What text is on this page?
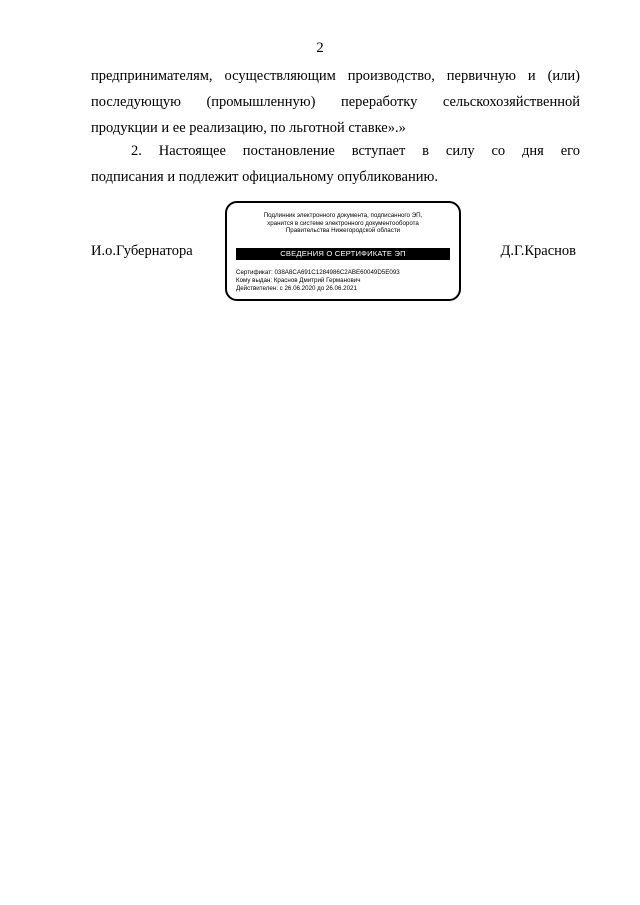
2
предпринимателям, осуществляющим производство, первичную и (или)
последующую (промышленную) переработку сельскохозяйственной
продукции и ее реализацию, по льготной ставке».»
2. Настоящее постановление вступает в силу со дня его
подписания и подлежит официальному опубликованию.
И.о.Губернатора
Подлинник электронного документа, подписанного ЭП,
хранится в системе электронного документооборота
Правительства Нижегородской области
СВЕДЕНИЯ О СЕРТИФИКАТЕ ЭП
Сертификат: 038A8CA691C1284986C2ABE60049D5E093
Кому выдан: Краснов Дмитрий Германович
Действителен: с 26.06.2020 до 26.06.2021
Д.Г.Краснов
